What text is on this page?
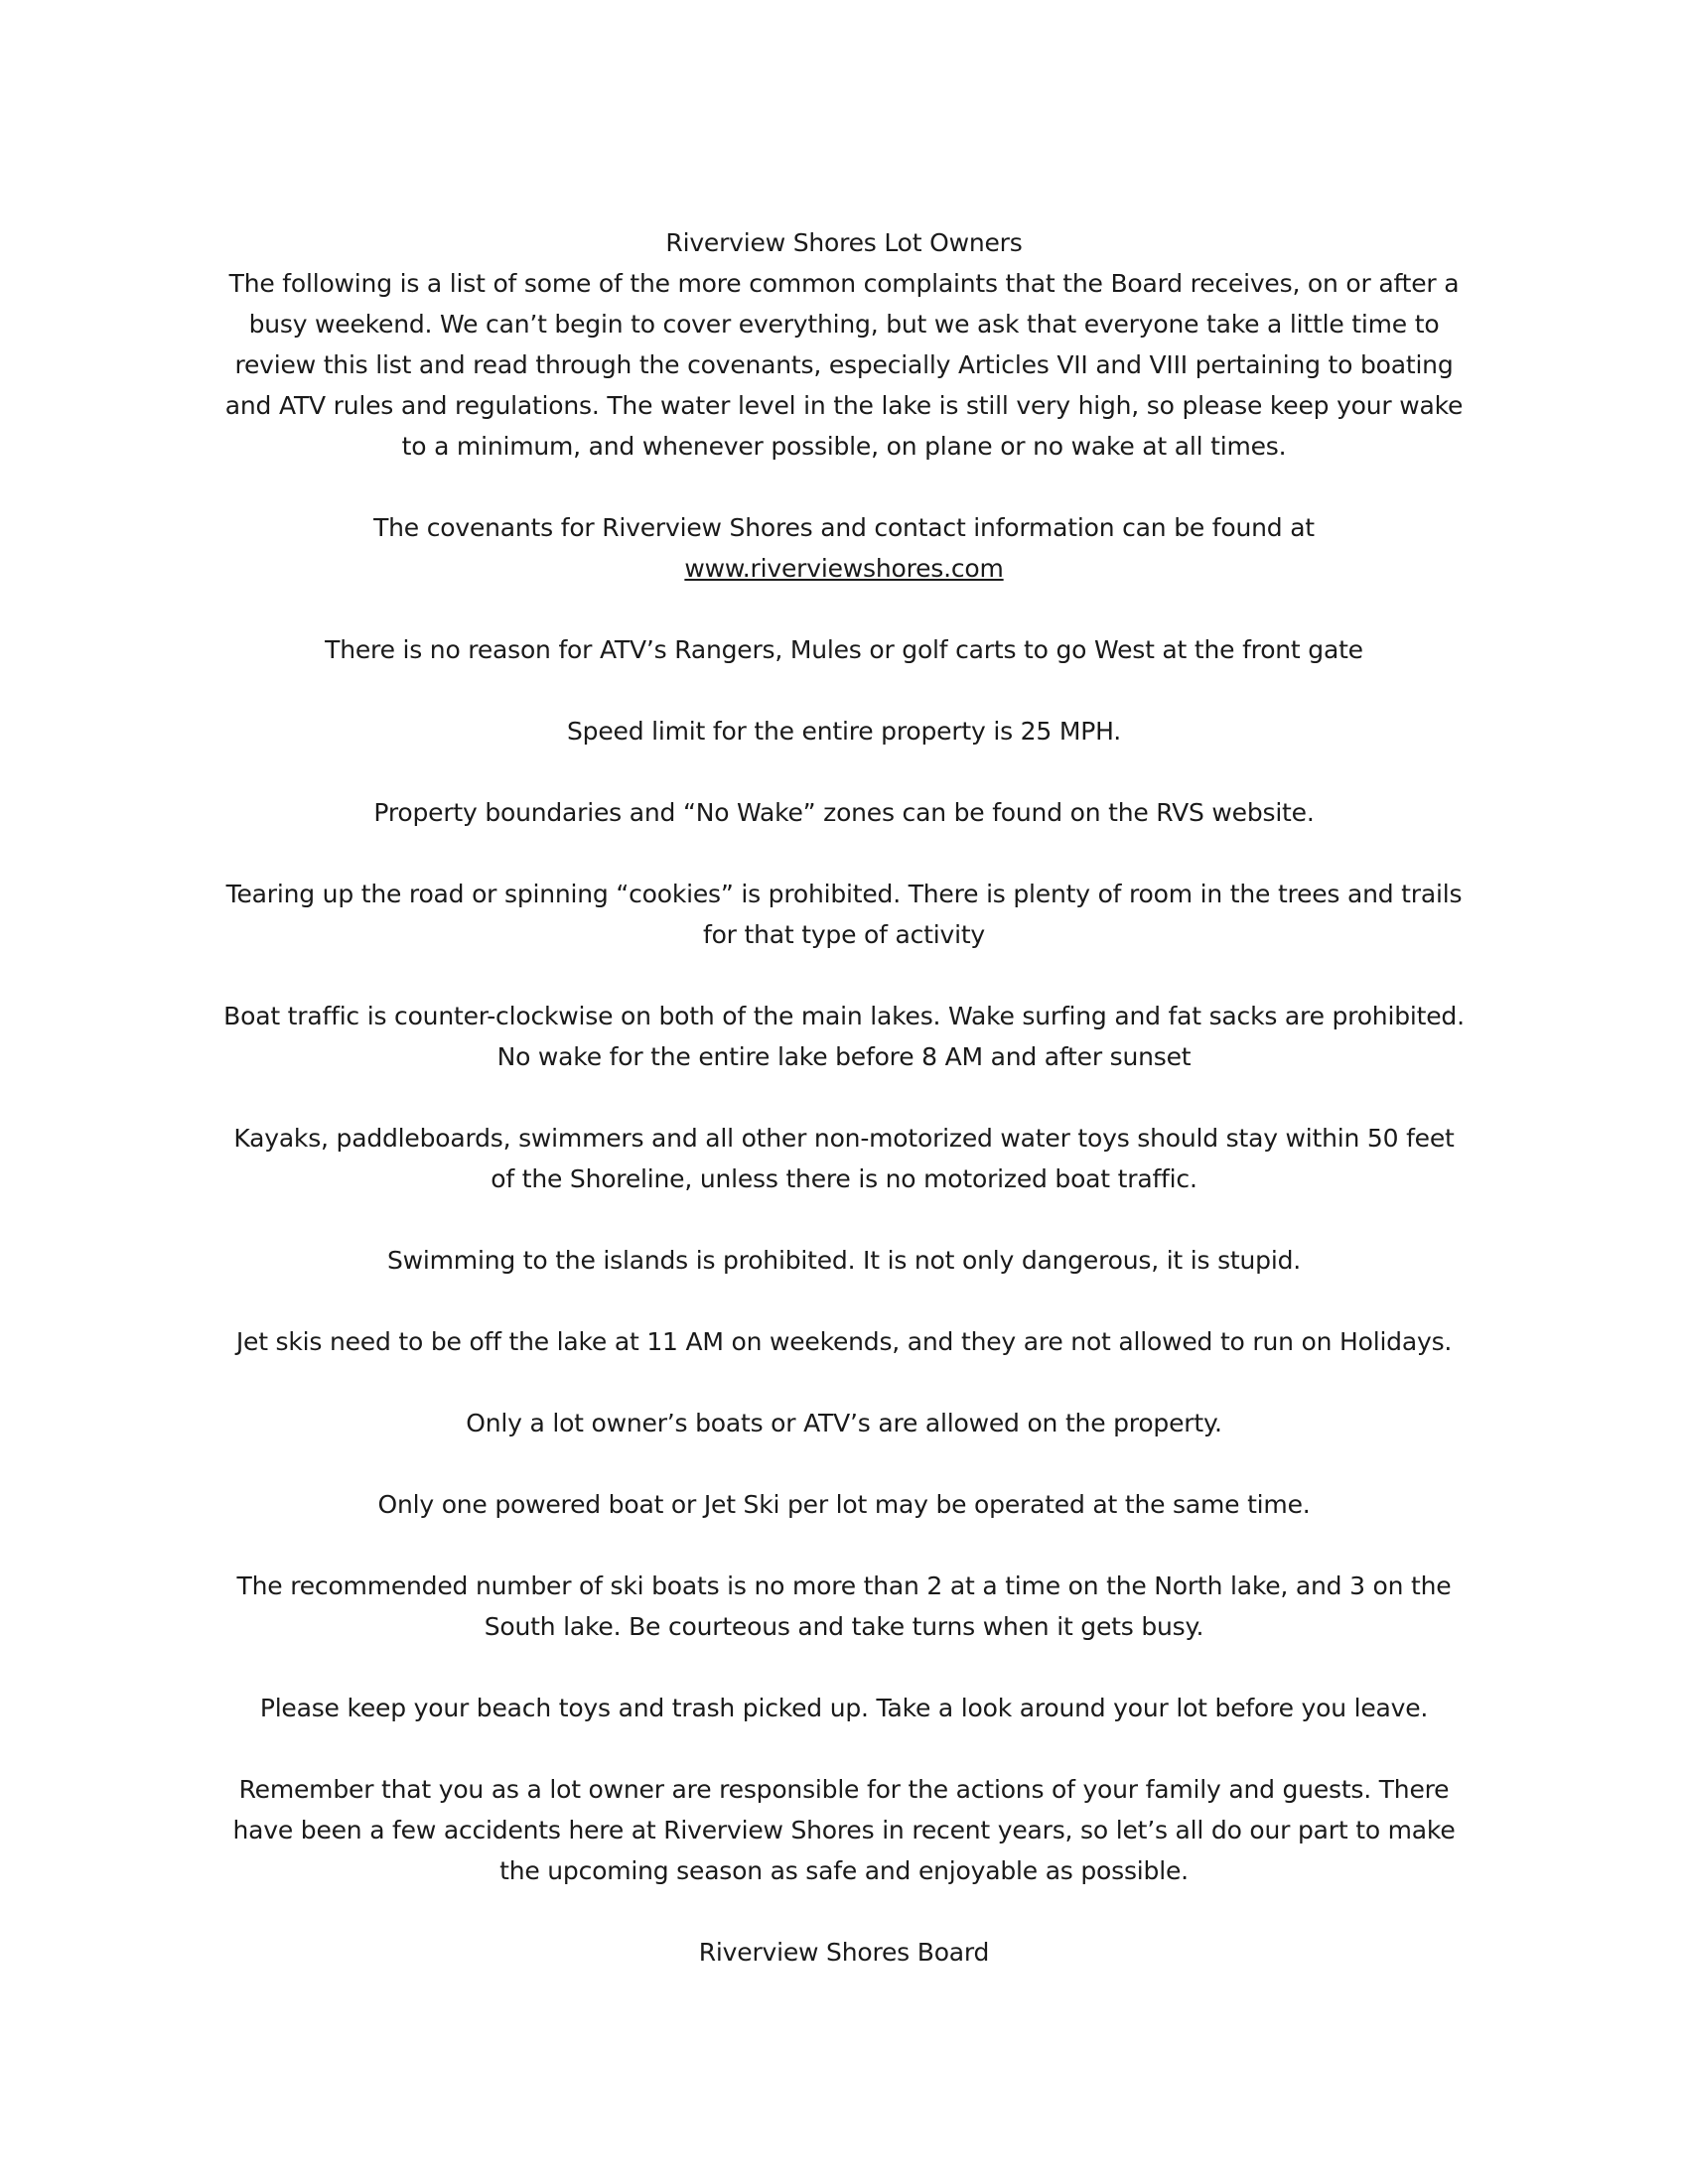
Riverview Shores Lot Owners

The following is a list of some of the more common complaints that the Board receives, on or after a busy weekend. We can’t begin to cover everything, but we ask that everyone take a little time to review this list and read through the covenants, especially Articles VII and VIII pertaining to boating and ATV rules and regulations. The water level in the lake is still very high, so please keep your wake to a minimum, and whenever possible, on plane or no wake at all times.

The covenants for Riverview Shores and contact information can be found at www.riverviewshores.com

There is no reason for ATV’s Rangers, Mules or golf carts to go West at the front gate

Speed limit for the entire property is 25 MPH.

Property boundaries and “No Wake” zones can be found on the RVS website.

Tearing up the road or spinning “cookies” is prohibited. There is plenty of room in the trees and trails for that type of activity

Boat traffic is counter-clockwise on both of the main lakes. Wake surfing and fat sacks are prohibited. No wake for the entire lake before 8 AM and after sunset

Kayaks, paddleboards, swimmers and all other non-motorized water toys should stay within 50 feet of the Shoreline, unless there is no motorized boat traffic.

Swimming to the islands is prohibited. It is not only dangerous, it is stupid.

Jet skis need to be off the lake at 11 AM on weekends, and they are not allowed to run on Holidays.

Only a lot owner’s boats or ATV’s are allowed on the property.

Only one powered boat or Jet Ski per lot may be operated at the same time.

The recommended number of ski boats is no more than 2 at a time on the North lake, and 3 on the South lake. Be courteous and take turns when it gets busy.

Please keep your beach toys and trash picked up. Take a look around your lot before you leave.

Remember that you as a lot owner are responsible for the actions of your family and guests. There have been a few accidents here at Riverview Shores in recent years, so let’s all do our part to make the upcoming season as safe and enjoyable as possible.

Riverview Shores Board
